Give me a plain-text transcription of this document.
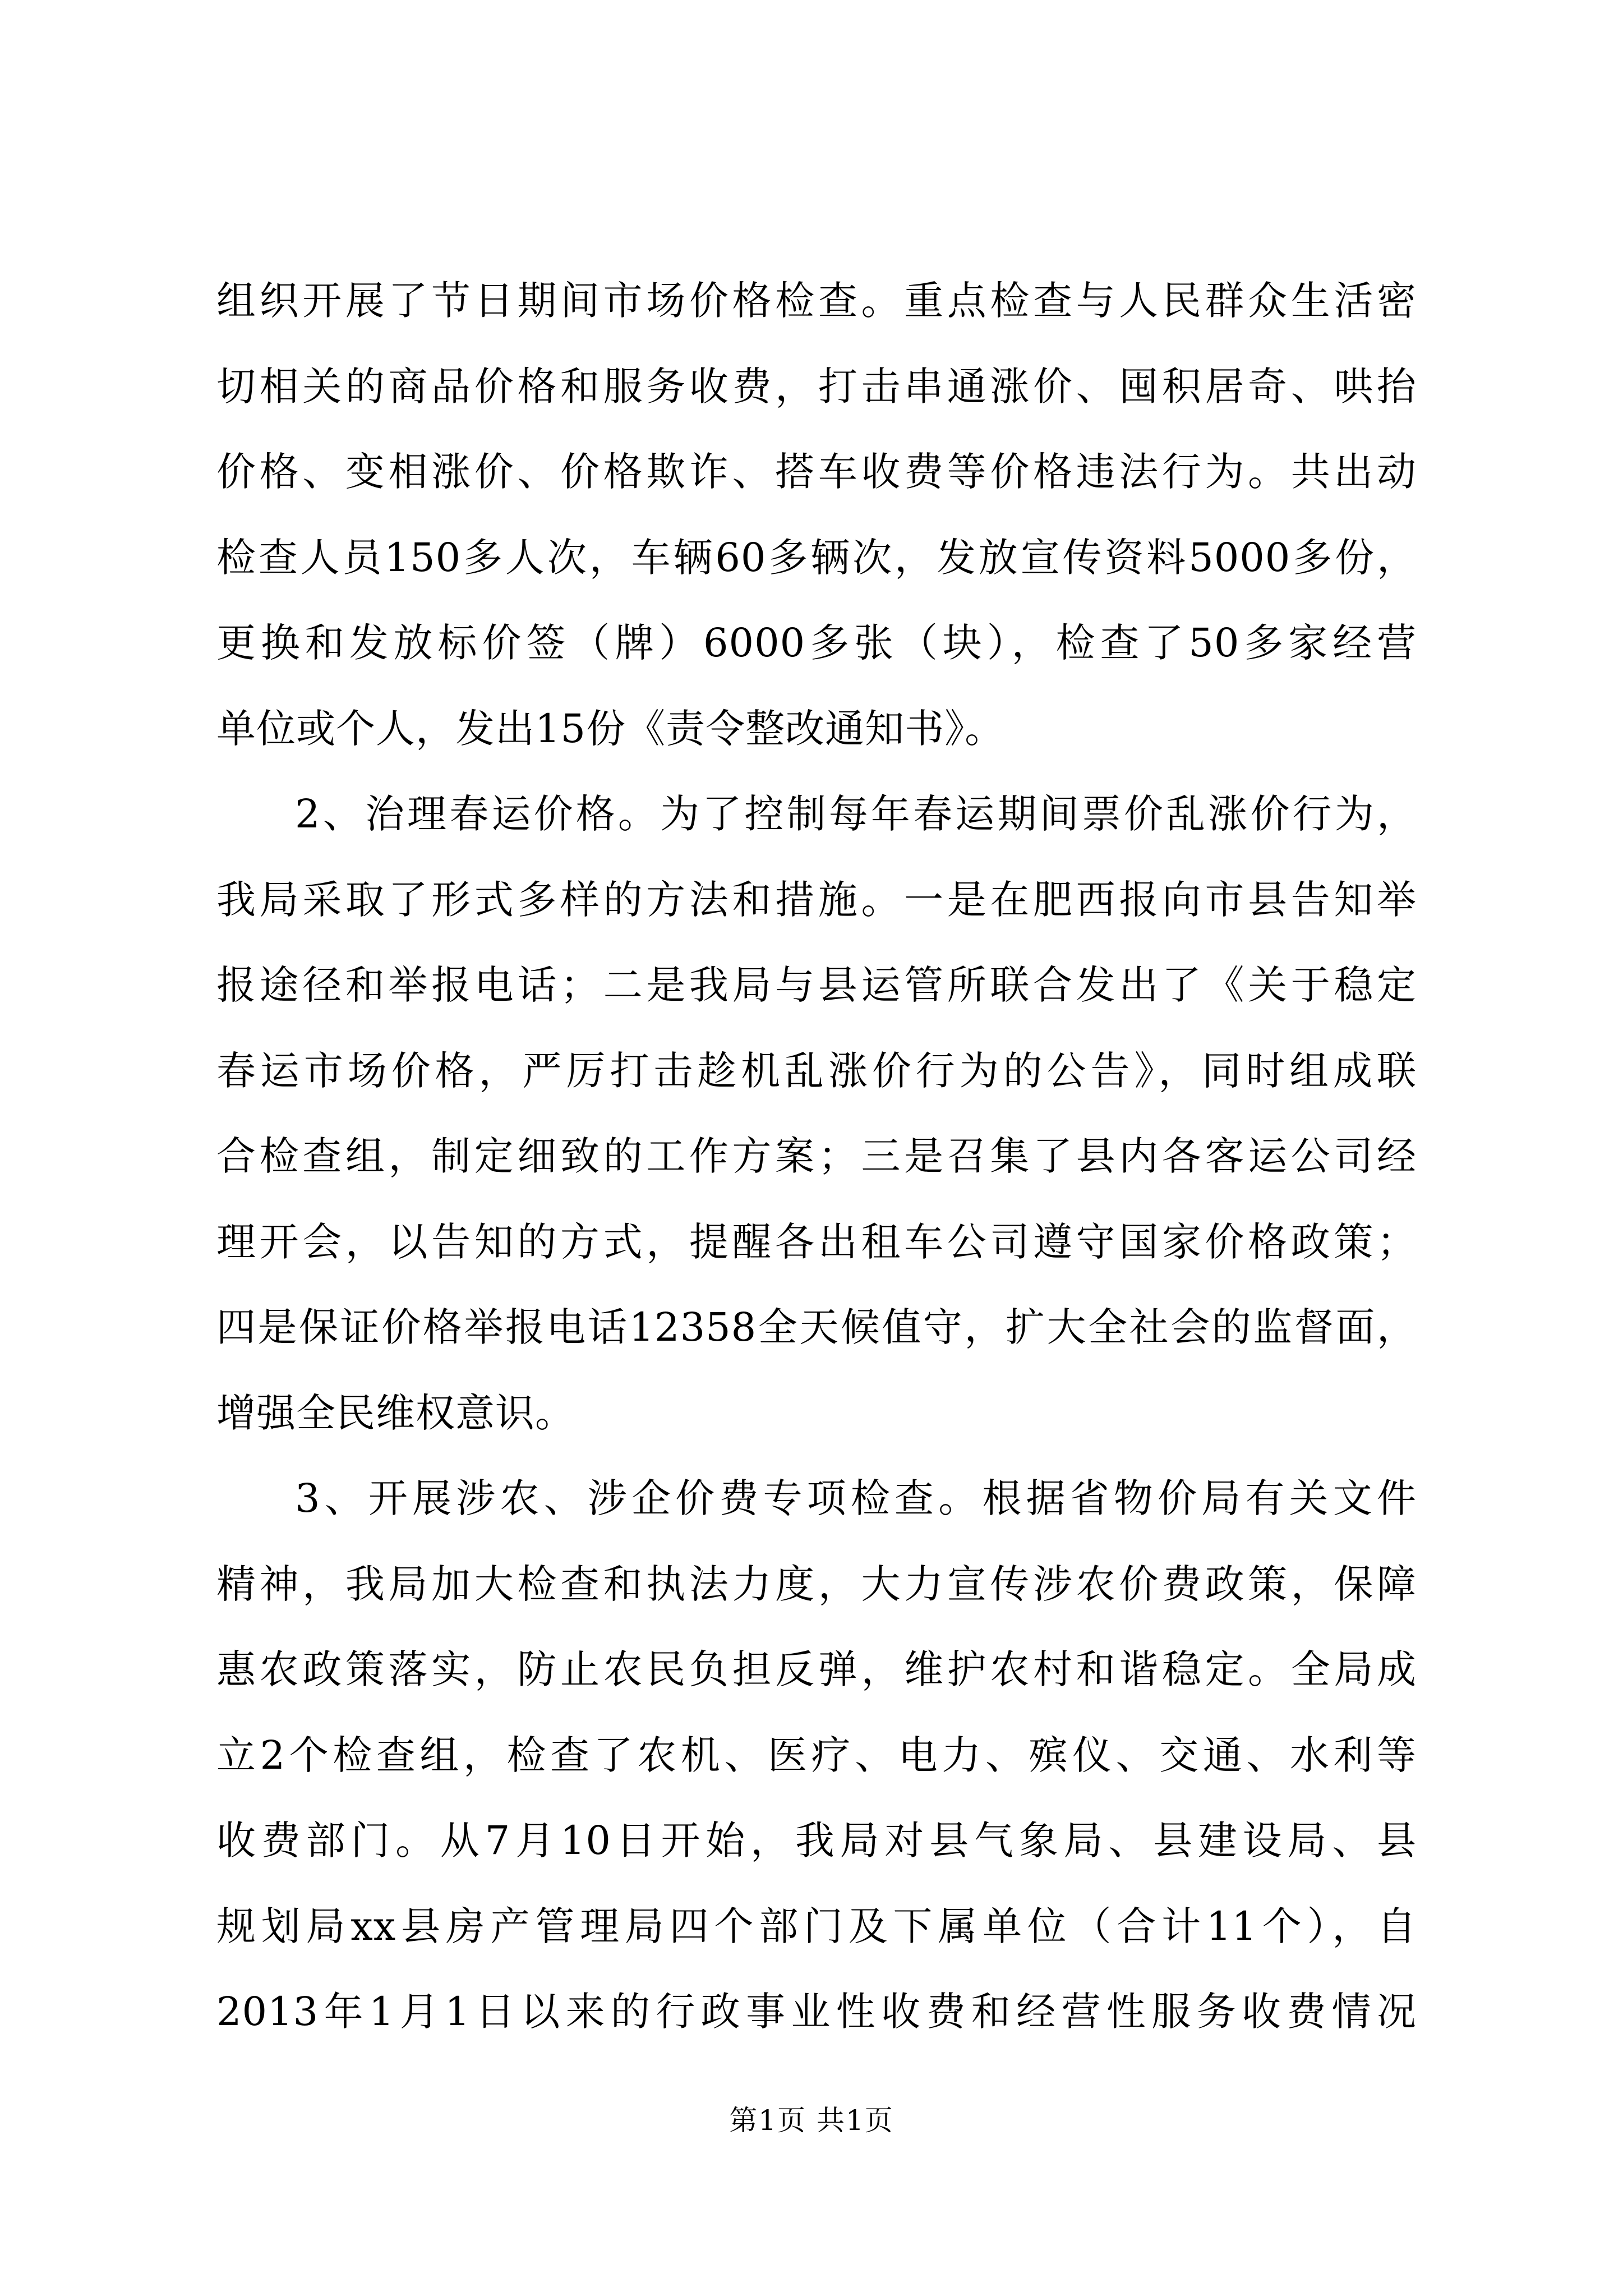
组织开展了节日期间市场价格检查。重点检查与人民群众生活密
切相关的商品价格和服务收费，打击串通涨价、囤积居奇、哄抬
价格、变相涨价、价格欺诈、搭车收费等价格违法行为。共出动
检查人员150多人次，车辆60多辆次，发放宣传资料5000多份，
更换和发放标价签（牌）6000多张（块），检查了50多家经营
单位或个人，发出15份《责令整改通知书》。
2、治理春运价格。为了控制每年春运期间票价乱涨价行为，
我局采取了形式多样的方法和措施。一是在肥西报向市县告知举
报途径和举报电话；二是我局与县运管所联合发出了《关于稳定
春运市场价格，严厉打击趁机乱涨价行为的公告》，同时组成联
合检查组，制定细致的工作方案；三是召集了县内各客运公司经
理开会，以告知的方式，提醒各出租车公司遵守国家价格政策；
四是保证价格举报电话12358全天候值守，扩大全社会的监督面，
增强全民维权意识。
3、开展涉农、涉企价费专项检查。根据省物价局有关文件
精神，我局加大检查和执法力度，大力宣传涉农价费政策，保障
惠农政策落实，防止农民负担反弹，维护农村和谐稳定。全局成
立2个检查组，检查了农机、医疗、电力、殡仪、交通、水利等
收费部门。从7月10日开始，我局对县气象局、县建设局、县
规划局xx县房产管理局四个部门及下属单位（合计11个），自
2013年1月1日以来的行政事业性收费和经营性服务收费情况
第1页 共1页
